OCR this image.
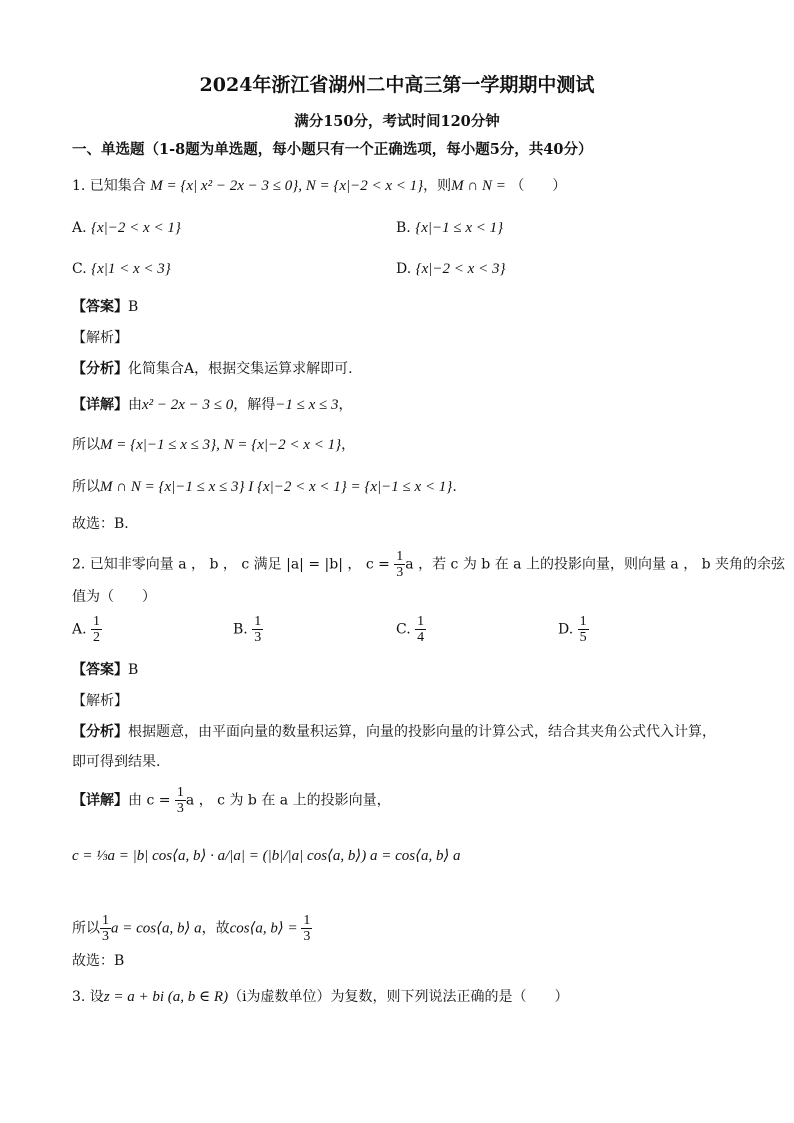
2024年浙江省湖州二中高三第一学期期中测试
满分150分，考试时间120分钟
一、单选题（1-8题为单选题，每小题只有一个正确选项，每小题5分，共40分）
1. 已知集合 M = {x| x² − 2x − 3 ≤ 0}, N = {x|−2 < x < 1}，则M ∩ N = （　　）
A. {x|−2 < x < 1}	B. {x|−1 ≤ x < 1}
C. {x|1 < x < 3}	D. {x|−2 < x < 3}
【答案】B
【解析】
【分析】化简集合A，根据交集运算求解即可.
【详解】由x² − 2x − 3 ≤ 0，解得−1 ≤ x ≤ 3，
所以M = {x|−1 ≤ x ≤ 3}, N = {x|−2 < x < 1}，
所以M ∩ N = {x|−1 ≤ x ≤ 3} I {x|−2 < x < 1} = {x|−1 ≤ x < 1}.
故选：B.
2. 已知非零向量 a ， b ， c 满足 |a| = |b| ， $c = \frac{1}{3}$ a ，若 c 为 b 在 a 上的投影向量，则向量 a ， b 夹角的余弦
值为（　　）
A. $\frac{1}{2}$	B. $\frac{1}{3}$	C. $\frac{1}{4}$	D. $\frac{1}{5}$
【答案】B
【解析】
【分析】根据题意，由平面向量的数量积运算，向量的投影向量的计算公式，结合其夹角公式代入计算，
即可得到结果.
【详解】由 $c = \frac{1}{3}$ a ， c 为 b 在 a 上的投影向量，
c = ⅓a = |b| cos⟨a, b⟩ · a/|a| = (|b|/|a| cos⟨a, b⟩) a = cos⟨a, b⟩ a
所以 $\frac{1}{3}$ a = cos⟨a, b⟩ a，故cos⟨a, b⟩ = $\frac{1}{3}$
故选：B
3. 设z = a + bi (a, b ∈ R)（i为虚数单位）为复数，则下列说法正确的是（　　）
